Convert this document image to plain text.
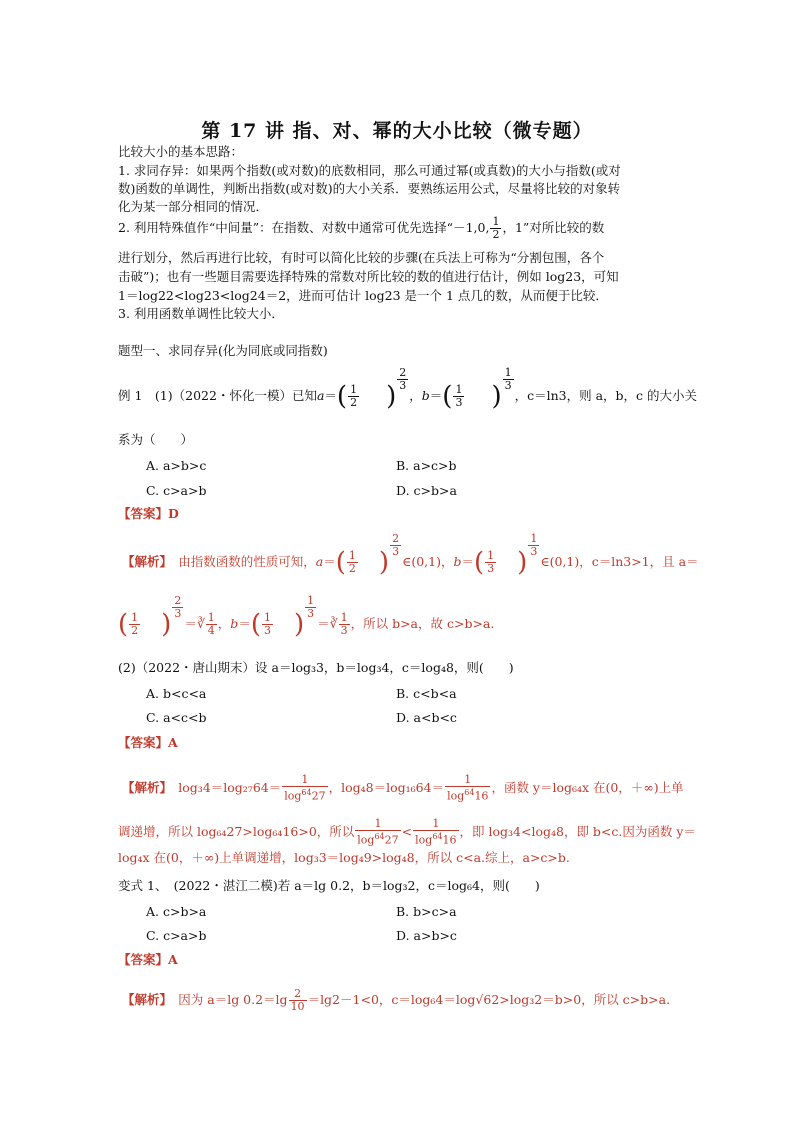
第 17 讲 指、对、幂的大小比较（微专题）
比较大小的基本思路：
1. 求同存异：如果两个指数(或对数)的底数相同，那么可通过幂(或真数)的大小与指数(或对
数)函数的单调性，判断出指数(或对数)的大小关系．要熟练运用公式，尽量将比较的对象转
化为某一部分相同的情况．
2. 利用特殊值作“中间量”：在指数、对数中通常可优先选择“－1,0, $\frac{1}{2}$ ，1”对所比较的数
进行划分，然后再进行比较，有时可以简化比较的步骤(在兵法上可称为“分割包围，各个
击破”)；也有一些题目需要选择特殊的常数对所比较的数的值进行估计，例如 log23，可知
1＝log22<log23<log24＝2，进而可估计 log23 是一个 1 点几的数，从而便于比较．
3. 利用函数单调性比较大小．
题型一、求同存异(化为同底或同指数)
例 1　(1)（2022・怀化一模）已知$a=( \frac{1}{2}$ )
$^{\frac{2}{3}}$
，$b=( \frac{1}{3}$ )
$^{\frac{1}{3}}$
，c＝ln3，则 a，b，c 的大小关
系为（　　）
A. a>b>c	B. a>c>b
C. c>a>b	D. c>b>a
【答案】D
【解析】　 由指数函数的性质可知，$a=( \frac{1}{2}$ )
$^{\frac{2}{3}}$
∈(0,1)，$b=( \frac{1}{3}$ )
$^{\frac{1}{3}}$
∈(0,1)，c＝ln3>1，且 a＝
( $\frac{1}{2}$ )
$^{\frac{2}{3}}$
＝∛ $\frac{1}{4}$ ，$b=( \frac{1}{3}$ )
$^{\frac{1}{3}}$
＝∛ $\frac{1}{3}$ ，所以 b>a，故 c>b>a.
(2)（2022・唐山期末）设 a＝log₃3，b＝log₃4，c＝log₄8，则(　　)
A. b<c<a	B. c<b<a
C. a<c<b	D. a<b<c
【答案】A
【解析】　 $\log_34=\log_{27}64= \frac{1}{\log^{64}27}$ ，$\log_48=\log_{16}64= \frac{1}{\log^{64}16}$ ，函数 y＝log₆₄x 在(0，＋∞)上单
调递增，所以 log₆₄27>log₆₄16>0，所以 $\frac{1}{\log^{64}27} < \frac{1}{\log^{64}16}$ ，即 log₃4<log₄8，即 b<c.因为函数 y＝
log₄x 在(0，＋∞)上单调递增，log₃3＝log₄9>log₄8，所以 c<a.综上，a>c>b.
变式 1、　(2022・湛江二模)若 a＝lg 0.2，b＝log₃2，c＝log₆4，则(　　)
A. c>b>a	B. b>c>a
C. c>a>b	D. a>b>c
【答案】A
【解析】　 因为 a＝lg $0.2=\lg \frac{2}{10} =\lg 2-1<0$，c＝log₆4＝log√62>log₃2＝b>0，所以 c>b>a.
